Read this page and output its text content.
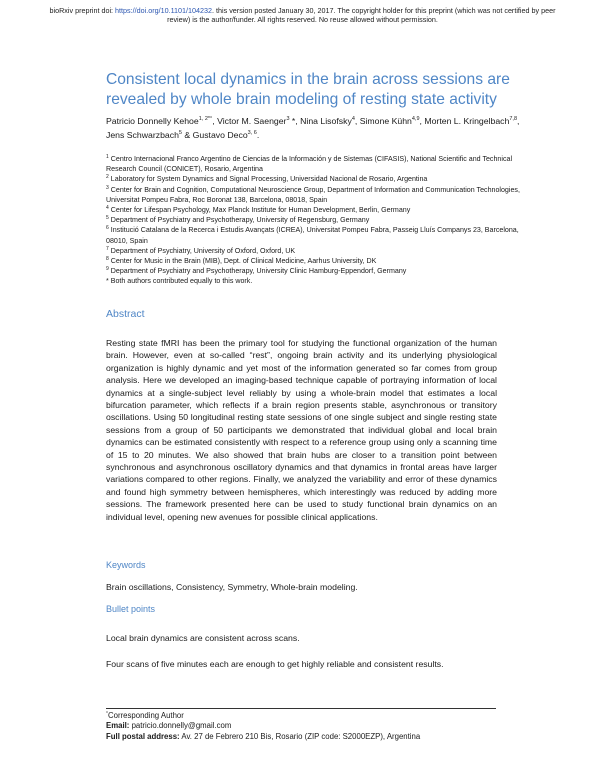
bioRxiv preprint doi: https://doi.org/10.1101/104232. this version posted January 30, 2017. The copyright holder for this preprint (which was not certified by peer review) is the author/funder. All rights reserved. No reuse allowed without permission.
Consistent local dynamics in the brain across sessions are revealed by whole brain modeling of resting state activity
Patricio Donnelly Kehoe$^{1, 2*^\circ}$, Victor M. Saenger$^3$ *, Nina Lisofsky$^4$, Simone Kühn$^{4,9}$, Morten L. Kringelbach$^{7,8}$, Jens Schwarzbach$^5$ & Gustavo Deco$^{3, 6}$.
$^1$ Centro Internacional Franco Argentino de Ciencias de la Información y de Sistemas (CIFASIS), National Scientific and Technical Research Council (CONICET), Rosario, Argentina
$^2$ Laboratory for System Dynamics and Signal Processing, Universidad Nacional de Rosario, Argentina
$^3$ Center for Brain and Cognition, Computational Neuroscience Group, Department of Information and Communication Technologies, Universitat Pompeu Fabra, Roc Boronat 138, Barcelona, 08018, Spain
$^4$ Center for Lifespan Psychology, Max Planck Institute for Human Development, Berlin, Germany
$^5$ Department of Psychiatry and Psychotherapy, University of Regensburg, Germany
$^6$ Institució Catalana de la Recerca i Estudis Avançats (ICREA), Universitat Pompeu Fabra, Passeig Lluís Companys 23, Barcelona, 08010, Spain
$^7$ Department of Psychiatry, University of Oxford, Oxford, UK
$^8$ Center for Music in the Brain (MIB), Dept. of Clinical Medicine, Aarhus University, DK
$^9$ Department of Psychiatry and Psychotherapy, University Clinic Hamburg-Eppendorf, Germany
* Both authors contributed equally to this work.
Abstract
Resting state fMRI has been the primary tool for studying the functional organization of the human brain. However, even at so-called “rest”, ongoing brain activity and its underlying physiological organization is highly dynamic and yet most of the information generated so far comes from group analysis. Here we developed an imaging-based technique capable of portraying information of local dynamics at a single-subject level reliably by using a whole-brain model that estimates a local bifurcation parameter, which reflects if a brain region presents stable, asynchronous or transitory oscillations. Using 50 longitudinal resting state sessions of one single subject and single resting state sessions from a group of 50 participants we demonstrated that individual global and local brain dynamics can be estimated consistently with respect to a reference group using only a scanning time of 15 to 20 minutes. We also showed that brain hubs are closer to a transition point between synchronous and asynchronous oscillatory dynamics and that dynamics in frontal areas have larger variations compared to other regions. Finally, we analyzed the variability and error of these dynamics and found high symmetry between hemispheres, which interestingly was reduced by adding more sessions. The framework presented here can be used to study functional brain dynamics on an individual level, opening new avenues for possible clinical applications.
Keywords
Brain oscillations, Consistency, Symmetry, Whole-brain modeling.
Bullet points
Local brain dynamics are consistent across scans.
Four scans of five minutes each are enough to get highly reliable and consistent results.
°Corresponding Author
Email: patricio.donnelly@gmail.com
Full postal address: Av. 27 de Febrero 210 Bis, Rosario (ZIP code: S2000EZP), Argentina
